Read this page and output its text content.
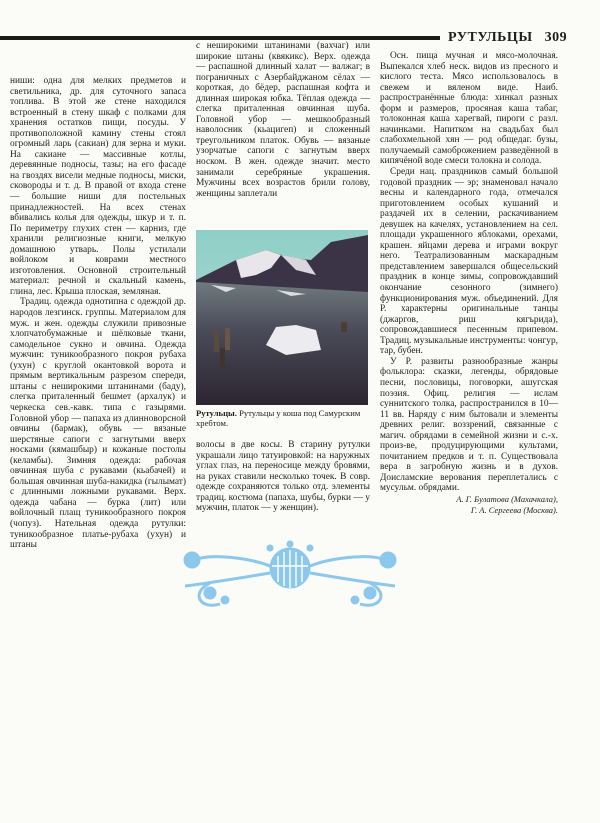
РУТУЛЬЦЫ 309

ниши: одна для мелких предметов и светильника, др. для суточного запаса топлива. В этой же стене находился встроенный в стену шкаф с полками для хранения остатков пищи, посуды. У противоположной камину стены стоял огромный ларь (сакиан) для зерна и муки. На сакиане — массивные котлы, деревянные подносы, тазы; на его фасаде на гвоздях висели медные подносы, миски, сковороды и т. д. В правой от входа стене — большие ниши для постельных принадлежностей. На всех стенах вбивались колья для одежды, шкур и т. п. По периметру глухих стен — карниз, где хранили религиозные книги, мелкую домашнюю утварь. Полы устилали войлоком и коврами местного изготовления. Основной строительный материал: речной и скальный камень, глина, лес. Крыша плоская, земляная.

Традиц. одежда однотипна с одеждой др. народов лезгинск. группы. Материалом для муж. и жен. одежды служили привозные хлопчатобумажные и шёлковые ткани, самодельное сукно и овчина. Одежда мужчин: туникообразного покроя рубаха (ухун) с круглой окантовкой ворота и прямым вертикальным разрезом спереди, штаны с неширокими штанинами (баду), слегка приталенный бешмет (архалук) и черкеска сев.-кавк. типа с газырями. Головной убор — папаха из длинноворсной овчины (бармак), обувь — вязаные шерстяные сапоги с загнутыми вверх носками (кямашбыр) и кожаные постолы (келамбы). Зимняя одежда: рабочая овчинная шуба с рукавами (кьабачей) и большая овчинная шуба-накидка (гылымат) с длинными ложными рукавами. Верх. одежда чабана — бурка (лит) или войлочный плащ туникообразного покроя (чопуз). Нательная одежда рутулки: туникообразное платье-рубаха (ухун) и штаны

с неширокими штанинами (вахчаг) или широкие штаны (квякикс). Верх. одежда — распашной длинный халат — валжаг; в пограничных с Азербайджаном сёлах — короткая, до бёдер, распашная кофта и длинная широкая юбка. Тёплая одежда — слегка приталенная овчинная шуба. Головной убор — мешкообразный наволосник (кьацигеп) и сложенный треугольником платок. Обувь — вязаные узорчатые сапоги с загнутым вверх носком. В жен. одежде значит. место занимали серебряные украшения. Мужчины всех возрастов брили голову, женщины заплетали

Рутульцы. Рутульцы у коша под Самурским хребтом.

волосы в две косы. В старину рутулки украшали лицо татуировкой: на наружных углах глаз, на переносице между бровями, на руках ставили несколько точек. В совр. одежде сохраняются только отд. элементы традиц. костюма (папаха, шубы, бурки — у мужчин, платок — у женщин).

Осн. пища мучная и мясо-молочная. Выпекался хлеб неск. видов из пресного и кислого теста. Мясо использовалось в свежем и вяленом виде. Наиб. распространённые блюда: хинкал разных форм и размеров, просяная каша табаг, толоконная каша харегвай, пироги с разл. начинками. Напитком на свадьбах был слабохмельной хян — род общедаг. бузы, получаемый самоброжением разведённой в кипячёной воде смеси толокна и солода.

Среди нац. праздников самый большой годовой праздник — эр; знаменовал начало весны и календарного года, отмечался приготовлением особых кушаний и раздачей их в селении, раскачиванием девушек на качелях, установлением на сел. площади украшенного яблоками, орехами, крашен. яйцами дерева и играми вокруг него. Театрализованным маскарадным представлением завершался общесельский праздник в конце зимы, сопровождавший окончание сезонного (зимнего) функционирования муж. объединений. Для Р. характерны оригинальные танцы (джаргов, риш кягърида), сопровождавшиеся песенным припевом. Традиц. музыкальные инструменты: чонгур, тар, бубен.

У Р. развиты разнообразные жанры фольклора: сказки, легенды, обрядовые песни, пословицы, поговорки, ашугская поэзия. Офиц. религия — ислам суннитского толка, распространился в 10—11 вв. Наряду с ним бытовали и элементы древних религ. воззрений, связанные с магич. обрядами в семейной жизни и с.-х. произ-ве, продуцирующими культами, почитанием предков и т. п. Существовала вера в загробную жизнь и в духов. Доисламские верования переплетались с мусульм. обрядами.

А. Г. Булатова (Махачкала),
Г. А. Сергеева (Москва).
